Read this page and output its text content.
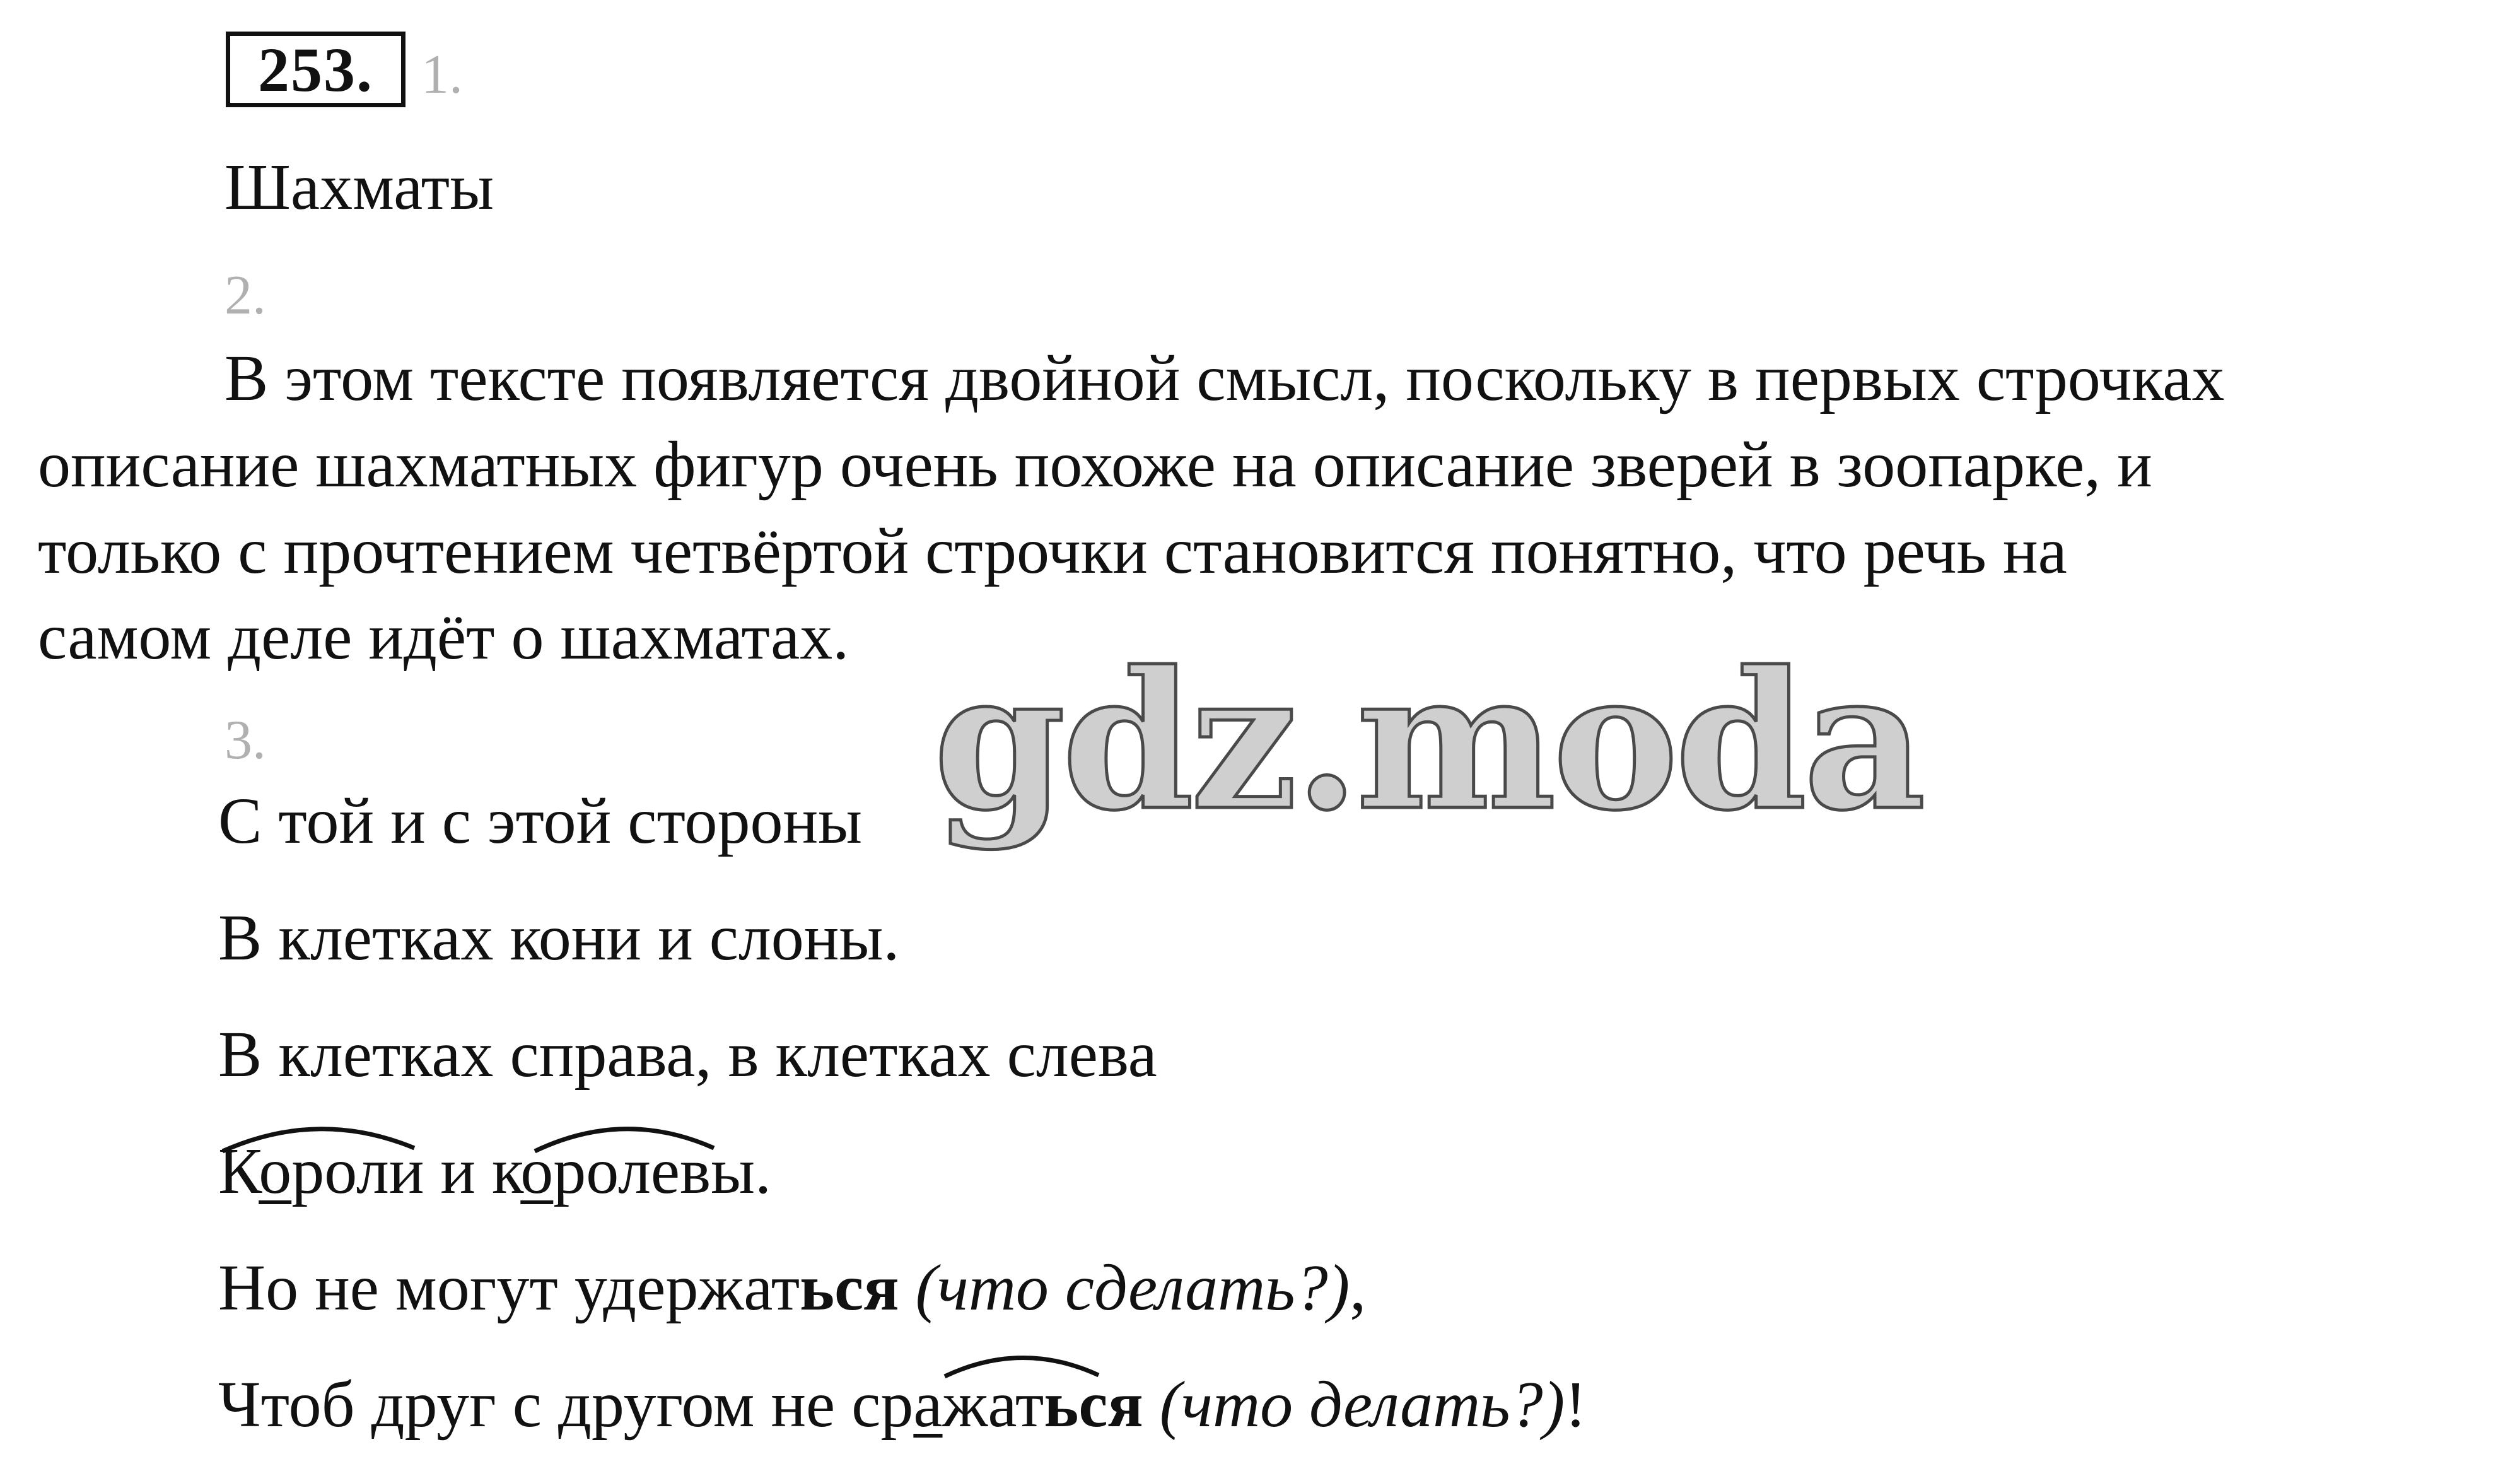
253. 1.
Шахматы
2.
В этом тексте появляется двойной смысл, поскольку в первых строчках
описание шахматных фигур очень похоже на описание зверей в зоопарке, и
только с прочтением четвёртой строчки становится понятно, что речь на
самом деле идёт о шахматах.
3.
С той и с этой стороны
В клетках кони и слоны.
В клетках справа, в клетках слева
Короли и королевы.
Но не могут удержаться (что сделать?),
Чтоб друг с другом не сражаться (что делать?)!
gdz.moda
